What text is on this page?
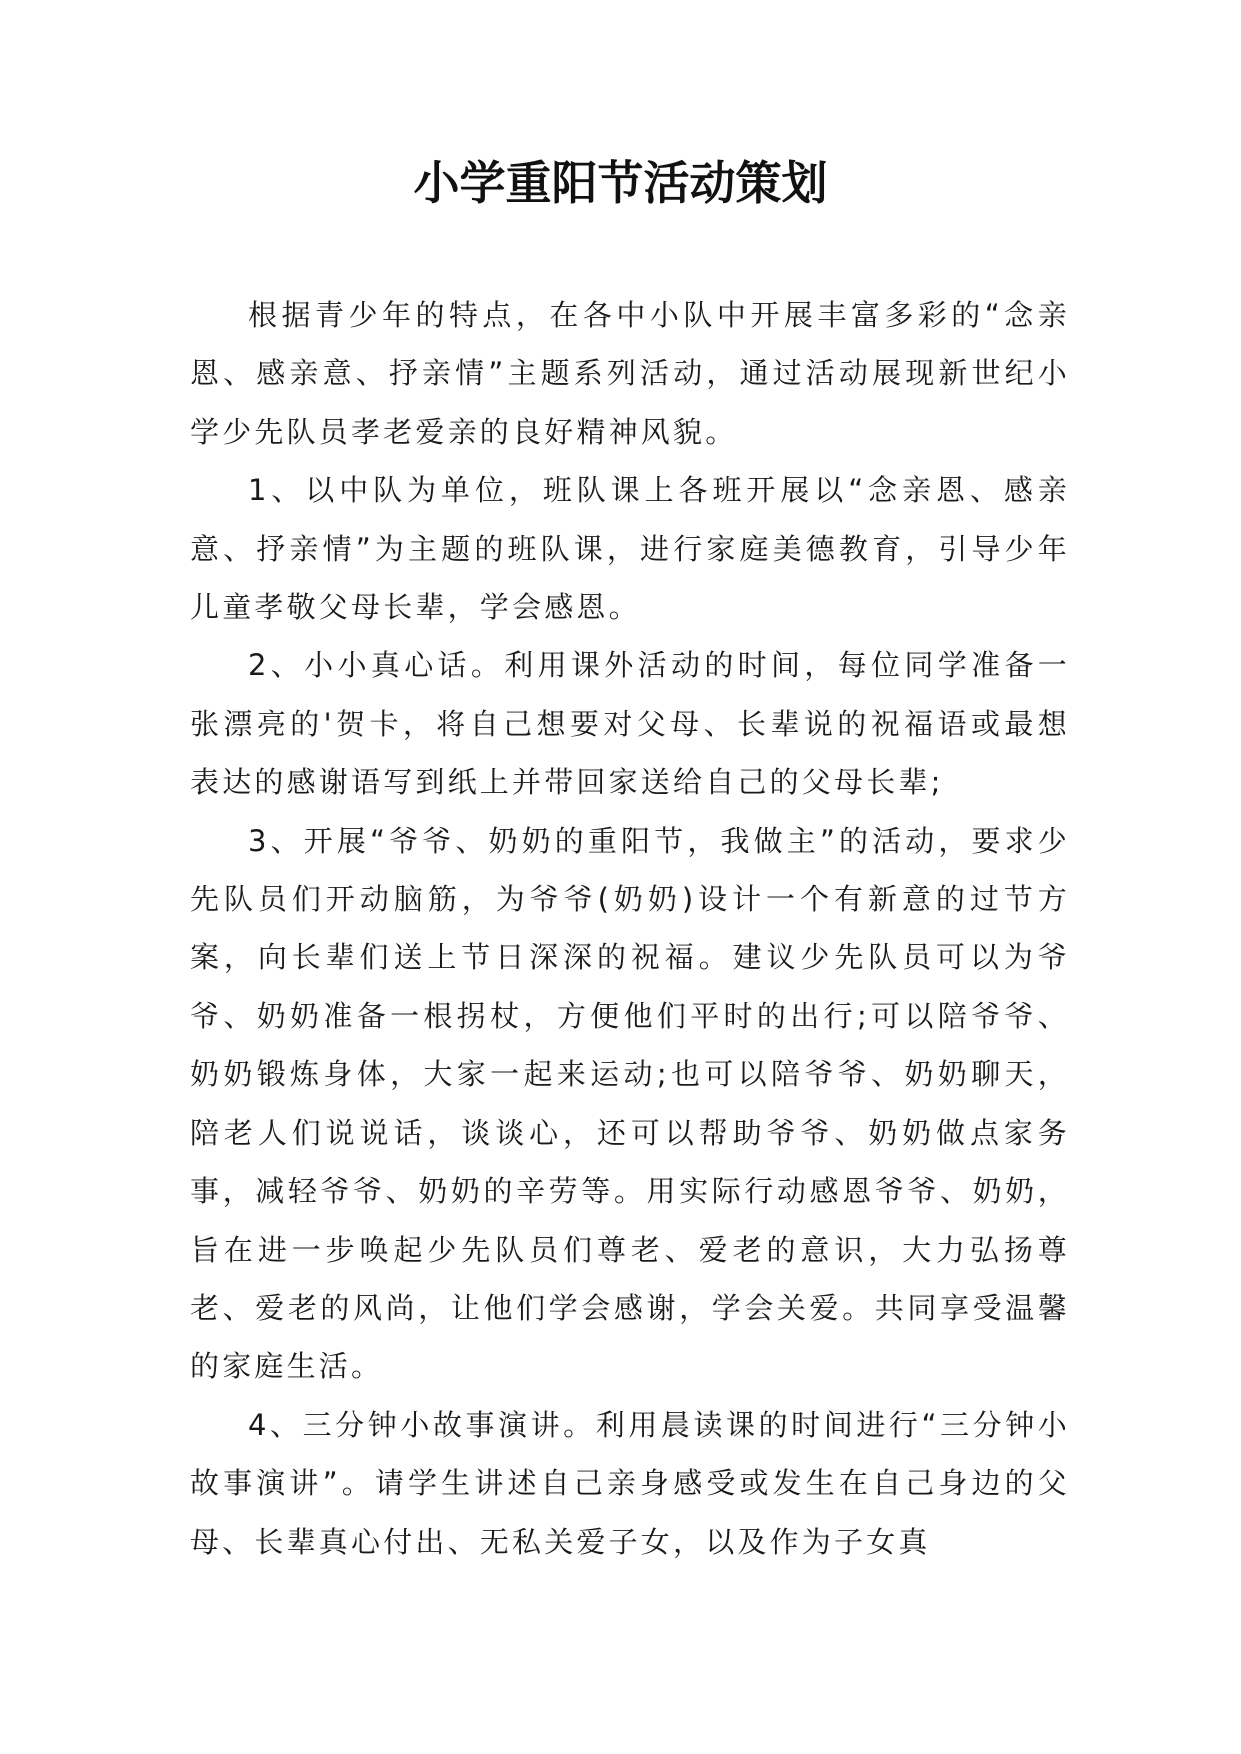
小学重阳节活动策划

根据青少年的特点，在各中小队中开展丰富多彩的“念亲恩、感亲意、抒亲情”主题系列活动，通过活动展现新世纪小学少先队员孝老爱亲的良好精神风貌。

1、以中队为单位，班队课上各班开展以“念亲恩、感亲意、抒亲情”为主题的班队课，进行家庭美德教育，引导少年儿童孝敬父母长辈，学会感恩。

2、小小真心话。利用课外活动的时间，每位同学准备一张漂亮的'贺卡，将自己想要对父母、长辈说的祝福语或最想表达的感谢语写到纸上并带回家送给自己的父母长辈;

3、开展“爷爷、奶奶的重阳节，我做主”的活动，要求少先队员们开动脑筋，为爷爷(奶奶)设计一个有新意的过节方案，向长辈们送上节日深深的祝福。建议少先队员可以为爷爷、奶奶准备一根拐杖，方便他们平时的出行;可以陪爷爷、奶奶锻炼身体，大家一起来运动;也可以陪爷爷、奶奶聊天，陪老人们说说话，谈谈心，还可以帮助爷爷、奶奶做点家务事，减轻爷爷、奶奶的辛劳等。用实际行动感恩爷爷、奶奶，旨在进一步唤起少先队员们尊老、爱老的意识，大力弘扬尊老、爱老的风尚，让他们学会感谢，学会关爱。共同享受温馨的家庭生活。

4、三分钟小故事演讲。利用晨读课的时间进行“三分钟小故事演讲”。请学生讲述自己亲身感受或发生在自己身边的父母、长辈真心付出、无私关爱子女，以及作为子女真
